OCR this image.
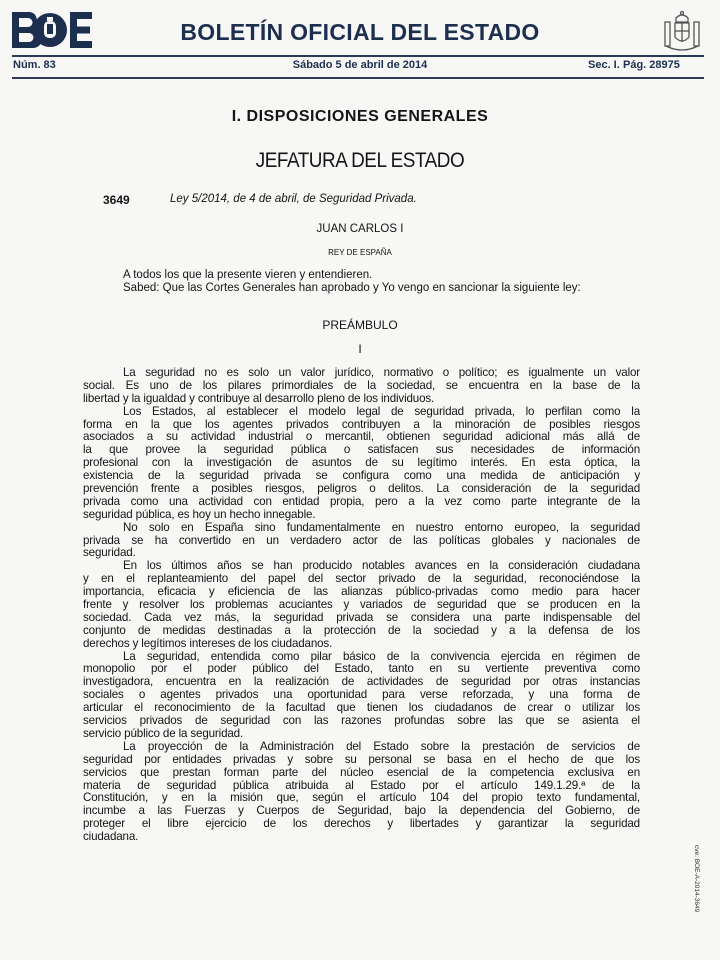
BOLETÍN OFICIAL DEL ESTADO
Núm. 83	Sábado 5 de abril de 2014	Sec. I. Pág. 28975
I. DISPOSICIONES GENERALES
JEFATURA DEL ESTADO
3649	Ley 5/2014, de 4 de abril, de Seguridad Privada.
JUAN CARLOS I
REY DE ESPAÑA
A todos los que la presente vieren y entendieren.
Sabed: Que las Cortes Generales han aprobado y Yo vengo en sancionar la siguiente ley:
PREÁMBULO
I
La seguridad no es solo un valor jurídico, normativo o político; es igualmente un valor
social. Es uno de los pilares primordiales de la sociedad, se encuentra en la base de la
libertad y la igualdad y contribuye al desarrollo pleno de los individuos.
Los Estados, al establecer el modelo legal de seguridad privada, lo perfilan como la
forma en la que los agentes privados contribuyen a la minoración de posibles riesgos
asociados a su actividad industrial o mercantil, obtienen seguridad adicional más allá de
la que provee la seguridad pública o satisfacen sus necesidades de información
profesional con la investigación de asuntos de su legítimo interés. En esta óptica, la
existencia de la seguridad privada se configura como una medida de anticipación y
prevención frente a posibles riesgos, peligros o delitos. La consideración de la seguridad
privada como una actividad con entidad propia, pero a la vez como parte integrante de la
seguridad pública, es hoy un hecho innegable.
No solo en España sino fundamentalmente en nuestro entorno europeo, la seguridad
privada se ha convertido en un verdadero actor de las políticas globales y nacionales de
seguridad.
En los últimos años se han producido notables avances en la consideración ciudadana
y en el replanteamiento del papel del sector privado de la seguridad, reconociéndose la
importancia, eficacia y eficiencia de las alianzas público-privadas como medio para hacer
frente y resolver los problemas acuciantes y variados de seguridad que se producen en la
sociedad. Cada vez más, la seguridad privada se considera una parte indispensable del
conjunto de medidas destinadas a la protección de la sociedad y a la defensa de los
derechos y legítimos intereses de los ciudadanos.
La seguridad, entendida como pilar básico de la convivencia ejercida en régimen de
monopolio por el poder público del Estado, tanto en su vertiente preventiva como
investigadora, encuentra en la realización de actividades de seguridad por otras instancias
sociales o agentes privados una oportunidad para verse reforzada, y una forma de
articular el reconocimiento de la facultad que tienen los ciudadanos de crear o utilizar los
servicios privados de seguridad con las razones profundas sobre las que se asienta el
servicio público de la seguridad.
La proyección de la Administración del Estado sobre la prestación de servicios de
seguridad por entidades privadas y sobre su personal se basa en el hecho de que los
servicios que prestan forman parte del núcleo esencial de la competencia exclusiva en
materia de seguridad pública atribuida al Estado por el artículo 149.1.29.ª de la
Constitución, y en la misión que, según el artículo 104 del propio texto fundamental,
incumbe a las Fuerzas y Cuerpos de Seguridad, bajo la dependencia del Gobierno, de
proteger el libre ejercicio de los derechos y libertades y garantizar la seguridad
ciudadana.
cve: BOE-A-2014-3649
